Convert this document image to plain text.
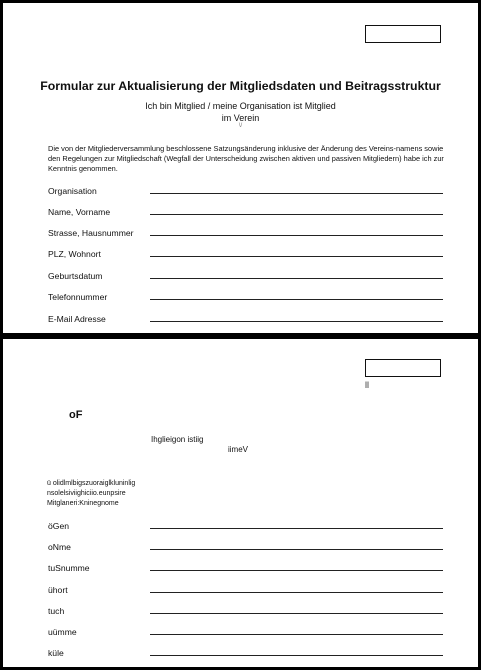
Formular zur Aktualisierung der Mitgliedsdaten und Beitragsstruktur
Ich bin Mitglied / meine Organisation ist Mitglied
im Verein
\/
Die von der Mitgliederversammlung beschlossene Satzungsänderung inklusive der Änderung des Vereins-namens sowie den Regelungen zur Mitgliedschaft (Wegfall der Unterscheidung zwischen aktiven und passiven Mitgliedern) habe ich zur Kenntnis genommen.
Organisation
Name, Vorname
Strasse, Hausnummer
PLZ, Wohnort
Geburtsdatum
Telefonnummer
E-Mail Adresse
ll
oF
Ihglieigon istiig
iimeV
ü olidlmlbigszuoraiglkluninlig
nsolelsiviighiciio.eunpsire
Mitglaneri:Kninegnome
öGen
oNme
tuSnumme
ühort
tuch
uümme
küle
